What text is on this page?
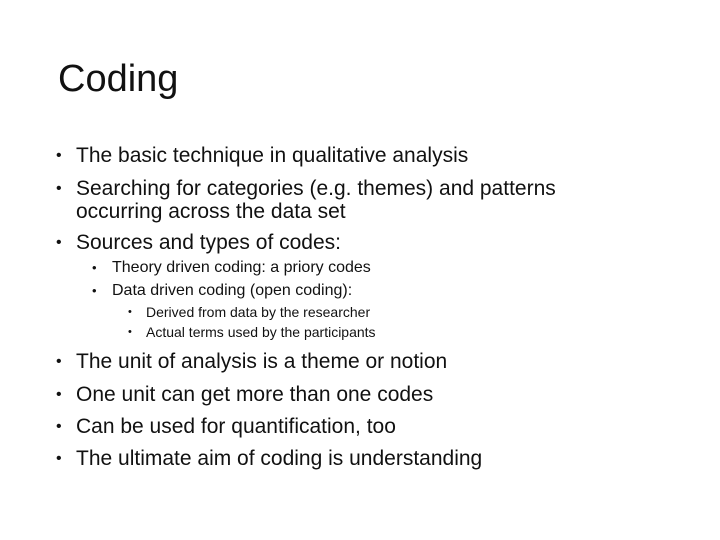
Coding
• The basic technique in qualitative analysis
• Searching for categories (e.g. themes) and patterns
occurring across the data set
• Sources and types of codes:
• Theory driven coding: a priory codes
• Data driven coding (open coding):
•	Derived from data by the researcher
•	Actual terms used by the participants
• The unit of analysis is a theme or notion
• One unit can get more than one codes
• Can be used for quantification, too
• The ultimate aim of coding is understanding
